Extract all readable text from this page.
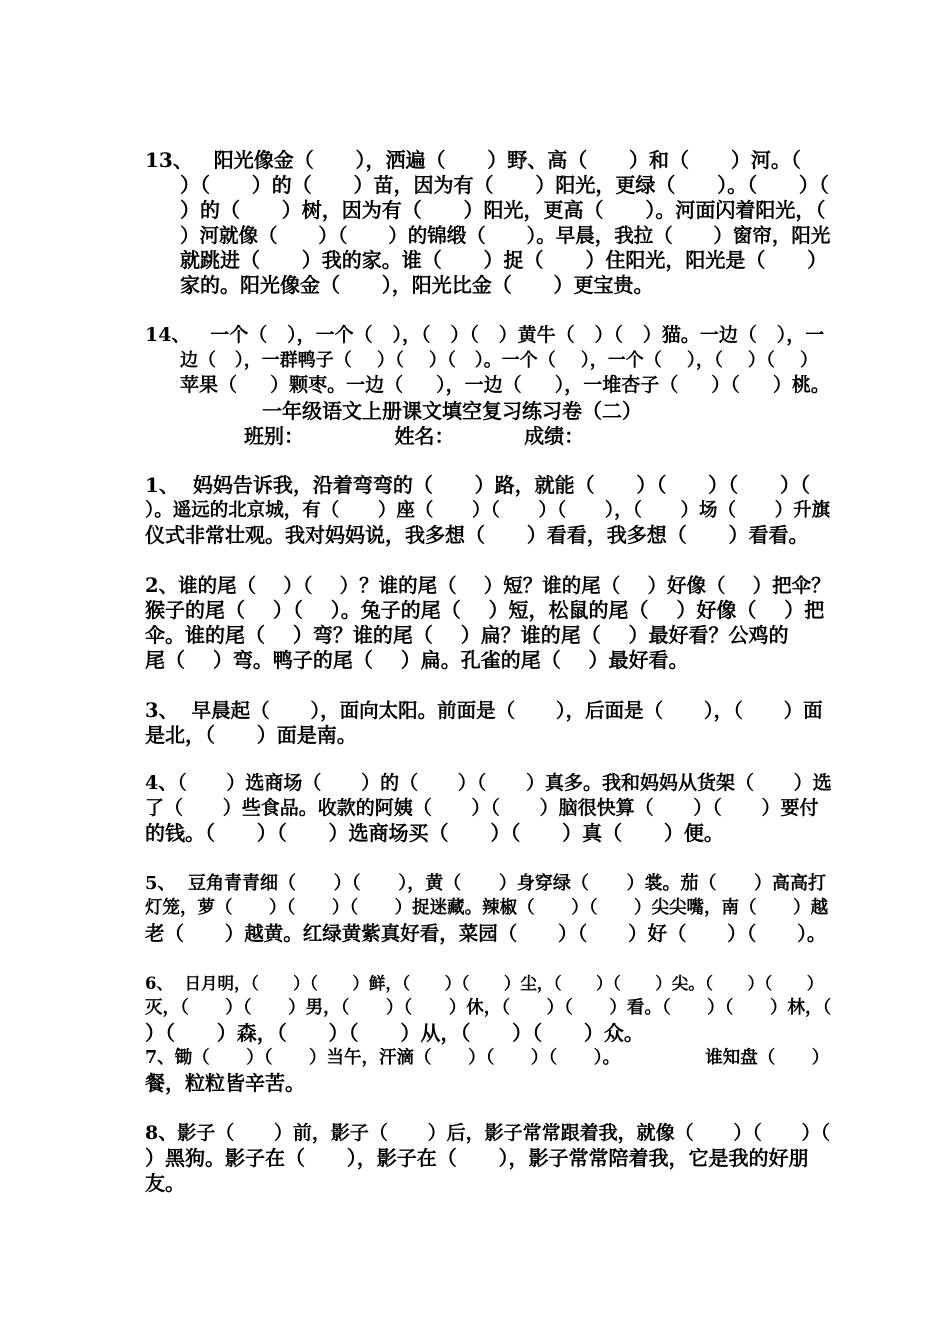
13、   阳光像金（      ），洒遍（      ）野、高（      ）和（      ）河。（
）（      ）的（      ）苗，因为有（      ）阳光，更绿（      ）。（      ）（
）的（      ）树，因为有（      ）阳光，更高（      ）。河面闪着阳光，（
）河就像（      ）（      ）的锦缎（      ）。早晨，我拉（      ）窗帘，阳光
就跳进（      ）我的家。谁（      ）捉（      ）住阳光，阳光是（      ）
家的。阳光像金（      ），阳光比金（      ）更宝贵。
14、   一个（   ），一个（   ），（   ）（   ）黄牛（   ）（   ）猫。一边（   ），一
边（   ），一群鸭子（    ）（    ）（   ）。一个（    ），一个（    ），（    ）（    ）
苹果（     ）颗枣。一边（     ），一边（     ），一堆杏子（     ）（     ）桃。
一年级语文上册课文填空复习练习卷（二）
班别：             姓名：          成绩：
1、  妈妈告诉我，沿着弯弯的（      ）路，就能（      ）（      ）（      ）（
）。遥远的北京城，有（      ）座（      ）（      ）（      ），（      ）场（      ）升旗
仪式非常壮观。我对妈妈说，我多想（      ）看看，我多想（      ）看看。
2、谁的尾（    ）（    ）？谁的尾（    ）短？谁的尾（    ）好像（    ）把伞？
猴子的尾（    ）（    ）。兔子的尾（    ）短，松鼠的尾（    ）好像（    ）把
伞。谁的尾（    ）弯？谁的尾（    ）扁？谁的尾（    ）最好看？公鸡的
尾（    ）弯。鸭子的尾（    ）扁。孔雀的尾（    ）最好看。
3、  早晨起（      ），面向太阳。前面是（      ），后面是（      ），（      ）面
是北，（      ）面是南。
4、（      ）选商场（      ）的（      ）（      ）真多。我和妈妈从货架（      ）选
了（      ）些食品。收款的阿姨（      ）（      ）脑很快算（      ）（      ）要付
的钱。（      ）（      ）选商场买（      ）（      ）真（      ）便。
5、  豆角青青细（      ）（      ），黄（      ）身穿绿（      ）裳。茄（      ）高高打
灯笼，萝（      ）（      ）（      ）捉迷藏。辣椒（      ）（      ）尖尖嘴，南（      ）越
老（      ）越黄。红绿黄紫真好看，菜园（      ）（      ）好（      ）（      ）。
6、  日月明，（      ）（      ）鲜，（      ）（      ）尘，（      ）（      ）尖。（      ）（      ）
灭，（      ）（      ）男，（      ）（      ）休，（      ）（      ）看。（      ）（      ）林，（
）（      ）森，（      ）（      ）从，（      ）（      ）众。
7、锄（      ）（      ）当午，汗滴（      ）（      ）（      ）。              谁知盘（      ）
餐，粒粒皆辛苦。
8、影子（      ）前，影子（      ）后，影子常常跟着我，就像（      ）（      ）（
）黑狗。影子在（      ），影子在（      ），影子常常陪着我，它是我的好朋
友。
